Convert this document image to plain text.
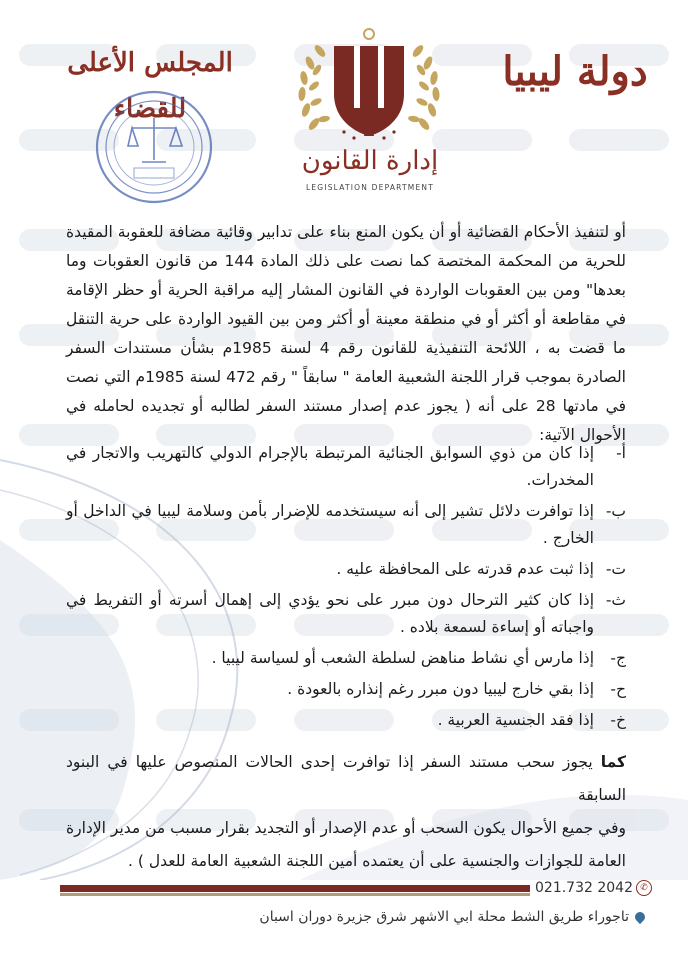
دولة ليبيا
المجلس الأعلى للقضاء
إدارة القانون
LEGISLATION DEPARTMENT
أو لتنفيذ الأحكام القضائية أو أن يكون المنع بناء على تدابير وقائية مضافة للعقوبة المقيدة للحرية من المحكمة المختصة كما نصت على ذلك المادة 144 من قانون العقوبات وما بعدها" ومن بين العقوبات الواردة في القانون المشار إليه مراقبة الحرية أو حظر الإقامة في مقاطعة أو أكثر أو في منطقة معينة أو أكثر ومن بين القيود الواردة على حرية التنقل ما قضت به ، اللائحة التنفيذية للقانون رقم 4 لسنة 1985م بشأن مستندات السفر الصادرة بموجب قرار اللجنة الشعبية العامة " سابقاً " رقم 472 لسنة 1985م التي نصت في مادتها 28 على أنه ( يجوز عدم إصدار مستند السفر لطالبه أو تجديده لحامله في الأحوال الآتية:
أ-
إذا كان من ذوي السوابق الجنائية المرتبطة بالإجرام الدولي كالتهريب والاتجار في المخدرات.
ب-
إذا توافرت دلائل تشير إلى أنه سيستخدمه للإضرار بأمن وسلامة ليبيا في الداخل أو الخارج .
ت-
إذا ثبت عدم قدرته على المحافظة عليه .
ث-
إذا كان كثير الترحال دون مبرر على نحو يؤدي إلى إهمال أسرته أو التفريط في واجباته أو إساءة لسمعة بلاده .
ج-
إذا مارس أي نشاط مناهض لسلطة الشعب أو لسياسة ليبيا .
ح-
إذا بقي خارج ليبيا دون مبرر رغم إنذاره بالعودة .
خ-
إذا فقد الجنسية العربية .
كما يجوز سحب مستند السفر إذا توافرت إحدى الحالات المنصوص عليها في البنود السابقة
وفي جميع الأحوال يكون السحب أو عدم الإصدار أو التجديد بقرار مسبب من مدير الإدارة العامة للجوازات والجنسية على أن يعتمده أمين اللجنة الشعبية العامة للعدل ) .
021.732 2042 ✆
تاجوراء طريق الشط محلة ابي الاشهر شرق جزيرة دوران اسبان
